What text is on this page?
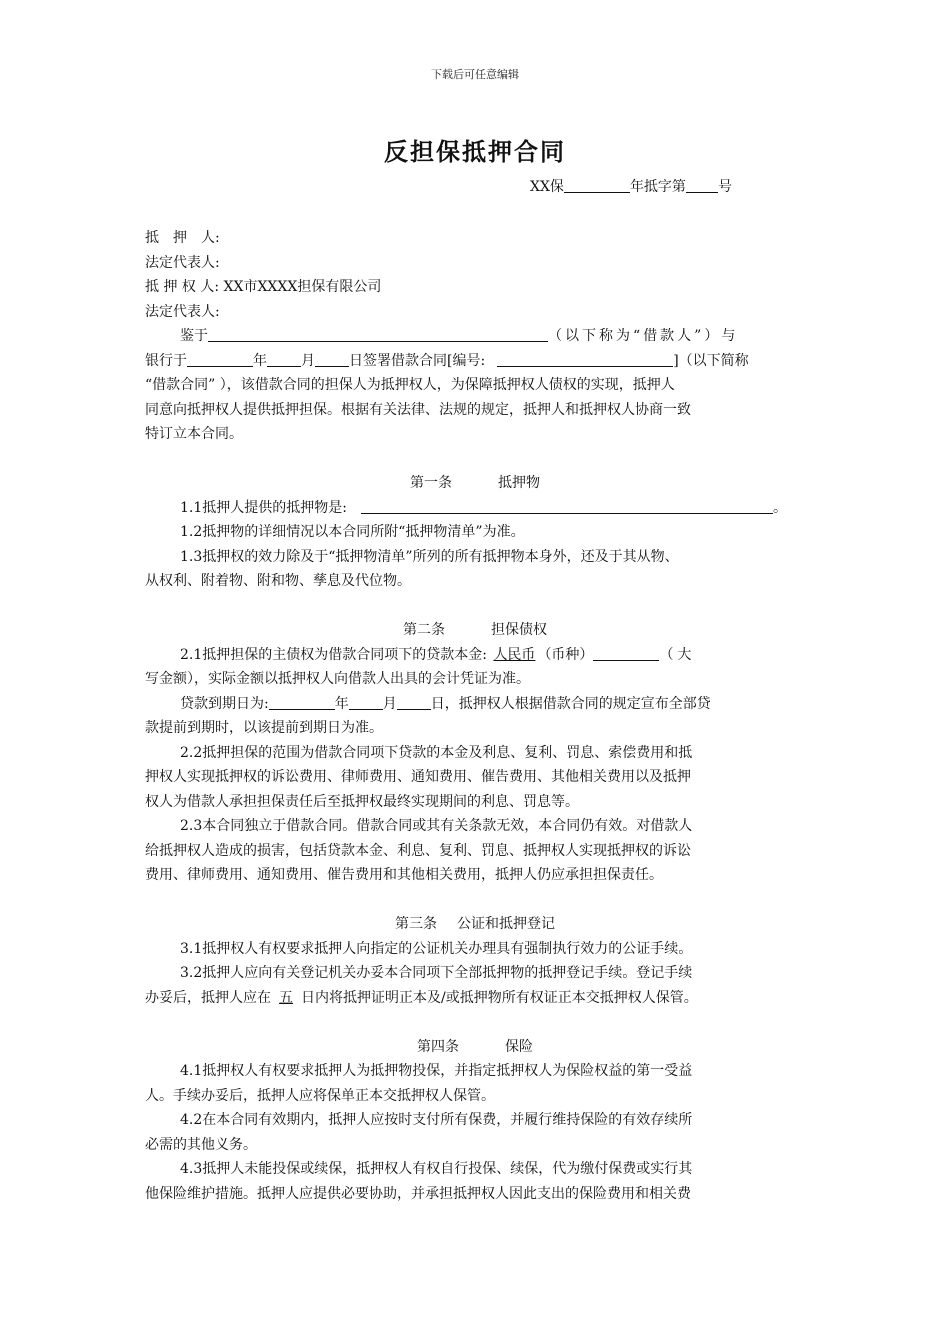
下载后可任意编辑
反担保抵押合同
XX保	年抵字第 号
抵　押　人:
法定代表人:
抵 押 权 人: XX市XXXX担保有限公司
法定代表人:
鉴于	（以下称为“借款人”）与
银行于	年 月 日签署借款合同[编号:	]（以下简称
“借款合同” ），该借款合同的担保人为抵押权人，为保障抵押权人债权的实现，抵押人
同意向抵押权人提供抵押担保。根据有关法律、法规的规定，抵押人和抵押权人协商一致
特订立本合同。
第一条	抵押物
1.1抵押人提供的抵押物是:	。
1.2抵押物的详细情况以本合同所附“抵押物清单”为准。
1.3抵押权的效力除及于“抵押物清单”所列的所有抵押物本身外，还及于其从物、
从权利、附着物、附和物、孳息及代位物。
第二条	担保债权
2.1抵押担保的主债权为借款合同项下的贷款本金: 人民币 （币种）	（大
写金额），实际金额以抵押权人向借款人出具的会计凭证为准。
贷款到期日为:	年 月 日，抵押权人根据借款合同的规定宣布全部贷
款提前到期时，以该提前到期日为准。
2.2抵押担保的范围为借款合同项下贷款的本金及利息、复利、罚息、索偿费用和抵
押权人实现抵押权的诉讼费用、律师费用、通知费用、催告费用、其他相关费用以及抵押
权人为借款人承担担保责任后至抵押权最终实现期间的利息、罚息等。
2.3本合同独立于借款合同。借款合同或其有关条款无效，本合同仍有效。对借款人
给抵押权人造成的损害，包括贷款本金、利息、复利、罚息、抵押权人实现抵押权的诉讼
费用、律师费用、通知费用、催告费用和其他相关费用，抵押人仍应承担担保责任。
第三条 公证和抵押登记
3.1抵押权人有权要求抵押人向指定的公证机关办理具有强制执行效力的公证手续。
3.2抵押人应向有关登记机关办妥本合同项下全部抵押物的抵押登记手续。登记手续
办妥后，抵押人应在 五 日内将抵押证明正本及/或抵押物所有权证正本交抵押权人保管。
第四条	保险
4.1抵押权人有权要求抵押人为抵押物投保，并指定抵押权人为保险权益的第一受益
人。手续办妥后，抵押人应将保单正本交抵押权人保管。
4.2在本合同有效期内，抵押人应按时支付所有保费，并履行维持保险的有效存续所
必需的其他义务。
4.3抵押人未能投保或续保，抵押权人有权自行投保、续保，代为缴付保费或实行其
他保险维护措施。抵押人应提供必要协助，并承担抵押权人因此支出的保险费用和相关费
